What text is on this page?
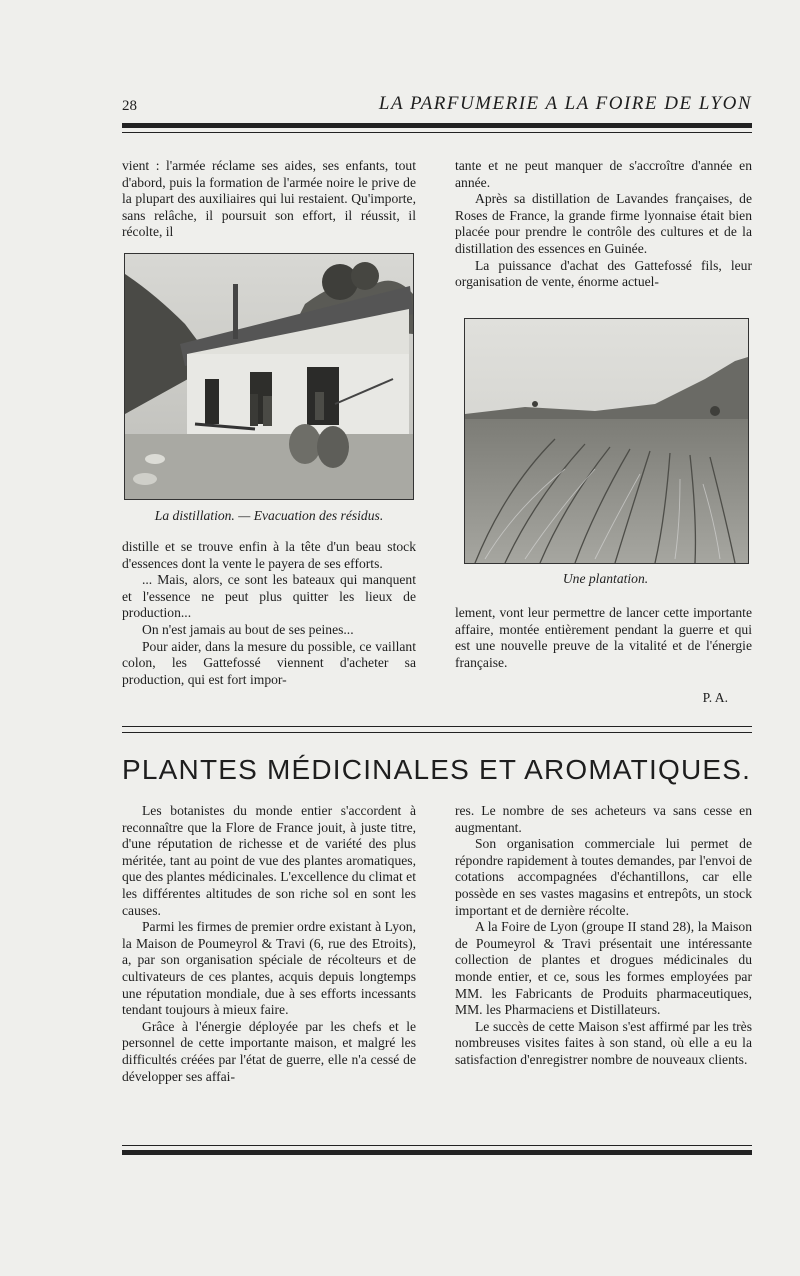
28	LA PARFUMERIE A LA FOIRE DE LYON

vient : l'armée réclame ses aides, ses enfants, tout d'abord, puis la formation de l'armée noire le prive de la plupart des auxiliaires qui lui restaient. Qu'importe, sans relâche, il poursuit son effort, il réussit, il récolte, il

La distillation. — Evacuation des résidus.

distille et se trouve enfin à la tête d'un beau stock d'essences dont la vente le payera de ses efforts.

... Mais, alors, ce sont les bateaux qui manquent et l'essence ne peut plus quitter les lieux de production...

On n'est jamais au bout de ses peines...

Pour aider, dans la mesure du possible, ce vaillant colon, les Gattefossé viennent d'acheter sa production, qui est fort impor-

tante et ne peut manquer de s'accroître d'année en année.

Après sa distillation de Lavandes françaises, de Roses de France, la grande firme lyonnaise était bien placée pour prendre le contrôle des cultures et de la distillation des essences en Guinée.

La puissance d'achat des Gattefossé fils, leur organisation de vente, énorme actuel-

Une plantation.

lement, vont leur permettre de lancer cette importante affaire, montée entièrement pendant la guerre et qui est une nouvelle preuve de la vitalité et de l'énergie française.

P. A.
PLANTES MÉDICINALES ET AROMATIQUES.

Les botanistes du monde entier s'accordent à reconnaître que la Flore de France jouit, à juste titre, d'une réputation de richesse et de variété des plus méritée, tant au point de vue des plantes aromatiques, que des plantes médicinales. L'excellence du climat et les différentes altitudes de son riche sol en sont les causes.

Parmi les firmes de premier ordre existant à Lyon, la Maison de Poumeyrol & Travi (6, rue des Etroits), a, par son organisation spéciale de récolteurs et de cultivateurs de ces plantes, acquis depuis longtemps une réputation mondiale, due à ses efforts incessants tendant toujours à mieux faire.

Grâce à l'énergie déployée par les chefs et le personnel de cette importante maison, et malgré les difficultés créées par l'état de guerre, elle n'a cessé de développer ses affai-

res. Le nombre de ses acheteurs va sans cesse en augmentant.

Son organisation commerciale lui permet de répondre rapidement à toutes demandes, par l'envoi de cotations accompagnées d'échantillons, car elle possède en ses vastes magasins et entrepôts, un stock important et de dernière récolte.

A la Foire de Lyon (groupe II stand 28), la Maison de Poumeyrol & Travi présentait une intéressante collection de plantes et drogues médicinales du monde entier, et ce, sous les formes employées par MM. les Fabricants de Produits pharmaceutiques, MM. les Pharmaciens et Distillateurs.

Le succès de cette Maison s'est affirmé par les très nombreuses visites faites à son stand, où elle a eu la satisfaction d'enregistrer nombre de nouveaux clients.
